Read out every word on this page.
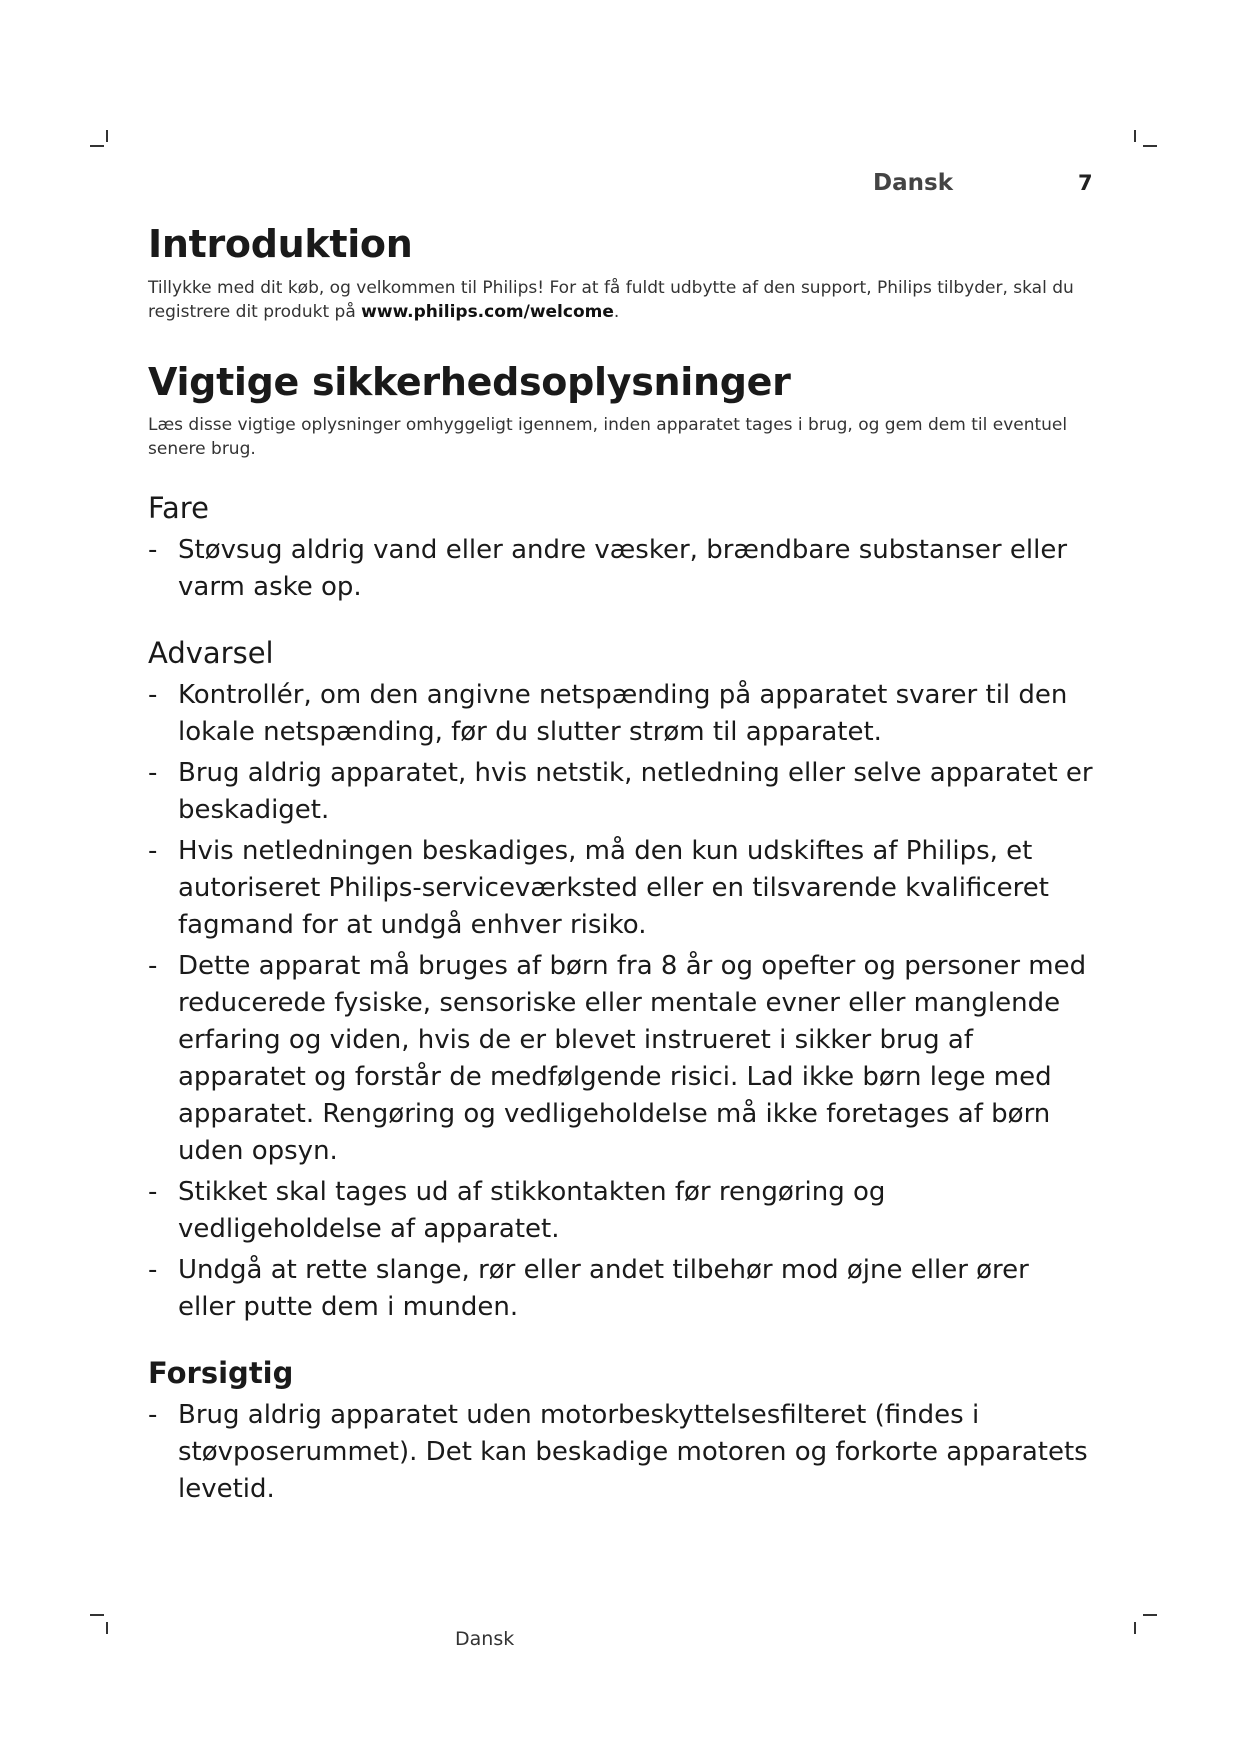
Dansk	7
Introduktion

Tillykke med dit køb, og velkommen til Philips! For at få fuldt udbytte af den support, Philips tilbyder, skal du registrere dit produkt på www.philips.com/welcome.

Vigtige sikkerhedsoplysninger

Læs disse vigtige oplysninger omhyggeligt igennem, inden apparatet tages i brug, og gem dem til eventuel senere brug.

Fare
- Støvsug aldrig vand eller andre væsker, brændbare substanser eller varm aske op.
Advarsel
- Kontrollér, om den angivne netspænding på apparatet svarer til den lokale netspænding, før du slutter strøm til apparatet.
- Brug aldrig apparatet, hvis netstik, netledning eller selve apparatet er beskadiget.
- Hvis netledningen beskadiges, må den kun udskiftes af Philips, et autoriseret Philips-serviceværksted eller en tilsvarende kvalificeret fagmand for at undgå enhver risiko.
- Dette apparat må bruges af børn fra 8 år og opefter og personer med reducerede fysiske, sensoriske eller mentale evner eller manglende erfaring og viden, hvis de er blevet instrueret i sikker brug af apparatet og forstår de medfølgende risici. Lad ikke børn lege med apparatet. Rengøring og vedligeholdelse må ikke foretages af børn uden opsyn.
- Stikket skal tages ud af stikkontakten før rengøring og vedligeholdelse af apparatet.
- Undgå at rette slange, rør eller andet tilbehør mod øjne eller ører eller putte dem i munden.
Forsigtig
- Brug aldrig apparatet uden motorbeskyttelsesfilteret (findes i støvposerummet). Det kan beskadige motoren og forkorte apparatets levetid.
Dansk
